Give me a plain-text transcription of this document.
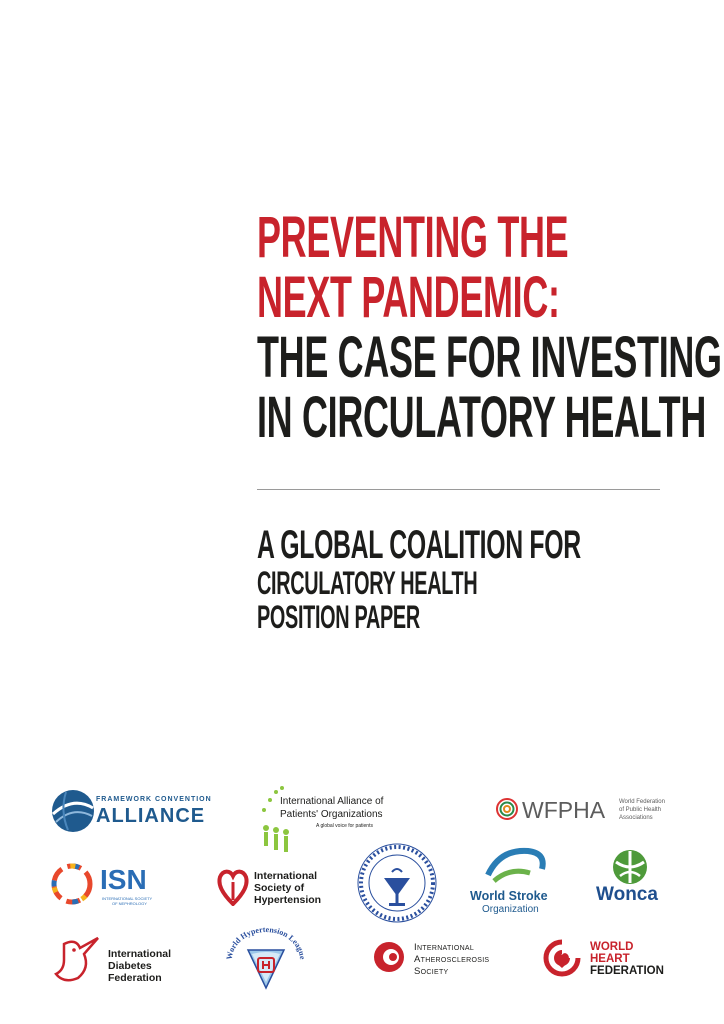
PREVENTING THE
NEXT PANDEMIC:
THE CASE FOR INVESTING
IN CIRCULATORY HEALTH
A GLOBAL COALITION FOR
CIRCULATORY HEALTH
POSITION PAPER
FRAMEWORK CONVENTION
ALLIANCE
International Alliance of
Patients' Organizations
A global voice for patients
WFPHA World Federation
of Public Health
Associations
ISN
INTERNATIONAL SOCIETY
OF NEPHROLOGY
International
Society of
Hypertension	World Stroke
Organization
Wonca
International
Diabetes
Federation
World Hypertension League
International
Atherosclerosis
Society
WORLD
HEART
FEDERATION
